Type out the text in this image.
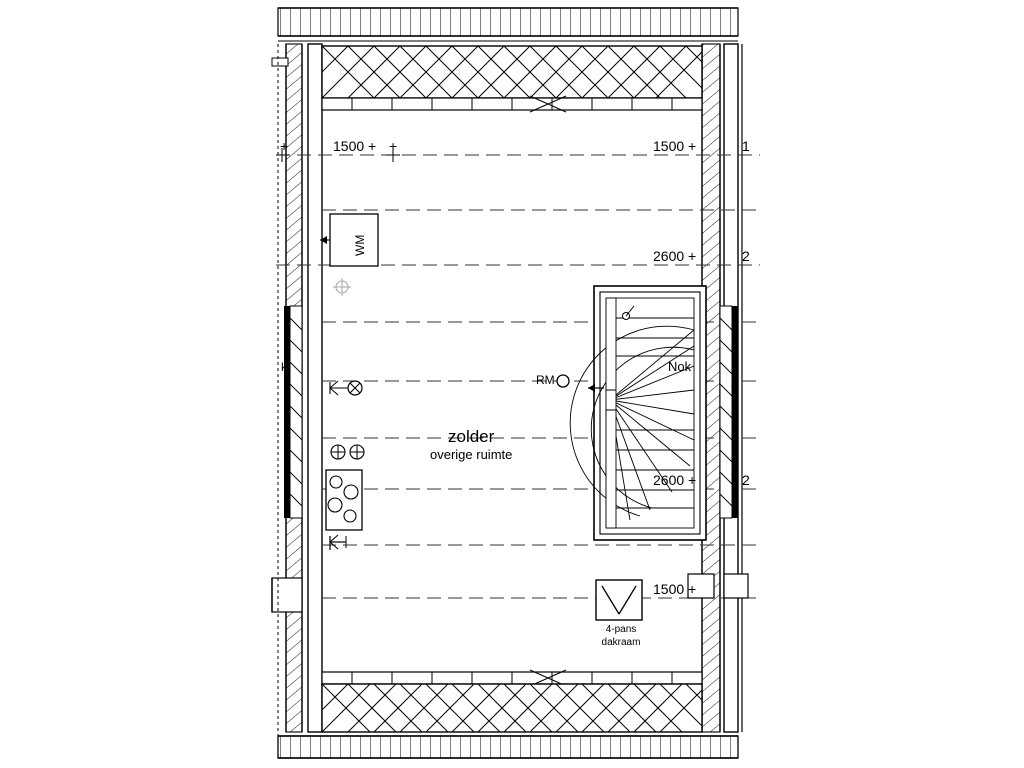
+	1500 + +	1500 +	1
2600 +	2
2600 +	2
1500 +
WM
RM
Nok
k
zolder
overige ruimte
4-pans
dakraam
